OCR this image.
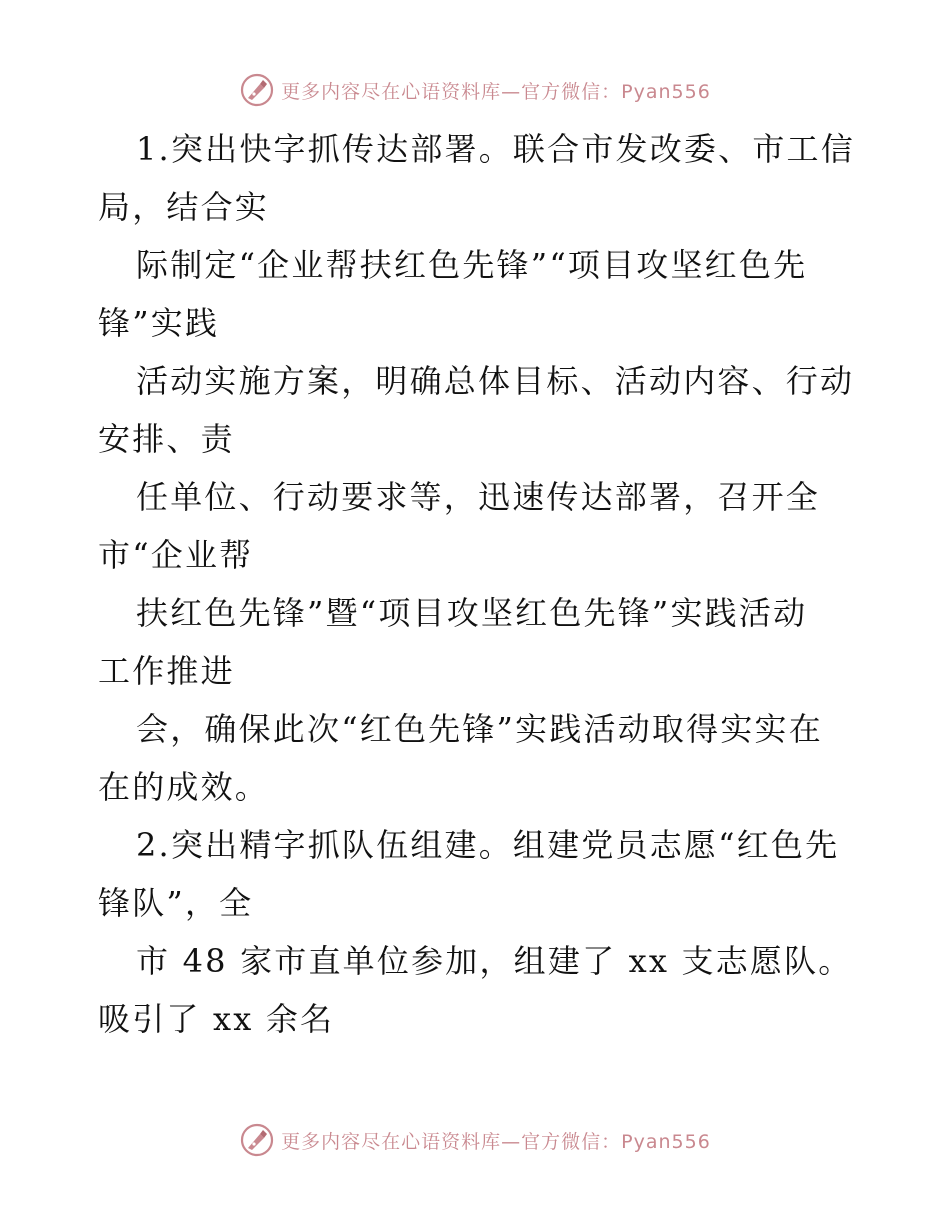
更多内容尽在心语资料库—官方微信：Pyan556

1.突出快字抓传达部署。联合市发改委、市工信
局，结合实
际制定“企业帮扶红色先锋”“项目攻坚红色先
锋”实践
活动实施方案，明确总体目标、活动内容、行动
安排、责
任单位、行动要求等，迅速传达部署，召开全
市“企业帮
扶红色先锋”暨“项目攻坚红色先锋”实践活动
工作推进
会，确保此次“红色先锋”实践活动取得实实在
在的成效。
2.突出精字抓队伍组建。组建党员志愿“红色先
锋队”，全
市 48 家市直单位参加，组建了 xx 支志愿队。
吸引了 xx 余名

更多内容尽在心语资料库—官方微信：Pyan556
